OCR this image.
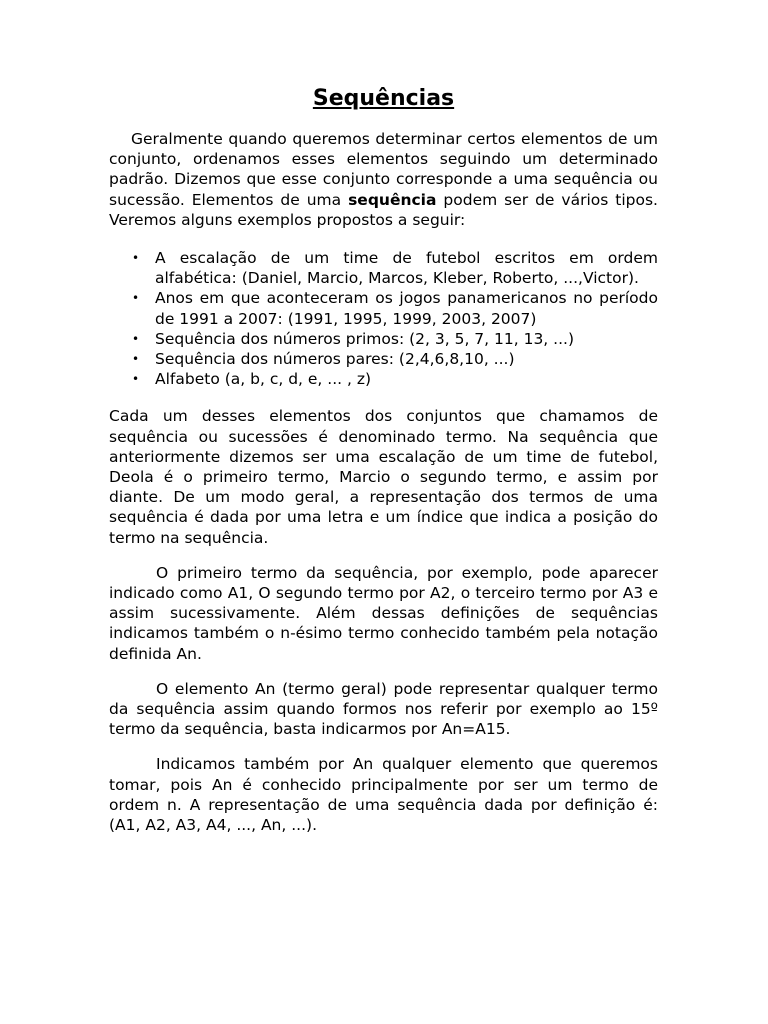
Sequências

Geralmente quando queremos determinar certos elementos de um conjunto, ordenamos esses elementos seguindo um determinado padrão. Dizemos que esse conjunto corresponde a uma sequência ou sucessão. Elementos de uma sequência podem ser de vários tipos. Veremos alguns exemplos propostos a seguir:

• A escalação de um time de futebol escritos em ordem alfabética: (Daniel, Marcio, Marcos, Kleber, Roberto, ...,Victor).
• Anos em que aconteceram os jogos panamericanos no período de 1991 a 2007: (1991, 1995, 1999, 2003, 2007)
• Sequência dos números primos: (2, 3, 5, 7, 11, 13, ...)
• Sequência dos números pares: (2,4,6,8,10, ...)
• Alfabeto (a, b, c, d, e, ... , z)

Cada um desses elementos dos conjuntos que chamamos de sequência ou sucessões é denominado termo. Na sequência que anteriormente dizemos ser uma escalação de um time de futebol, Deola é o primeiro termo, Marcio o segundo termo, e assim por diante. De um modo geral, a representação dos termos de uma sequência é dada por uma letra e um índice que indica a posição do termo na sequência.

O primeiro termo da sequência, por exemplo, pode aparecer indicado como A1, O segundo termo por A2, o terceiro termo por A3 e assim sucessivamente. Além dessas definições de sequências indicamos também o n-ésimo termo conhecido também pela notação definida An.

O elemento An (termo geral) pode representar qualquer termo da sequência assim quando formos nos referir por exemplo ao 15º termo da sequência, basta indicarmos por An=A15.

Indicamos também por An qualquer elemento que queremos tomar, pois An é conhecido principalmente por ser um termo de ordem n. A representação de uma sequência dada por definição é: (A1, A2, A3, A4, ..., An, ...).
